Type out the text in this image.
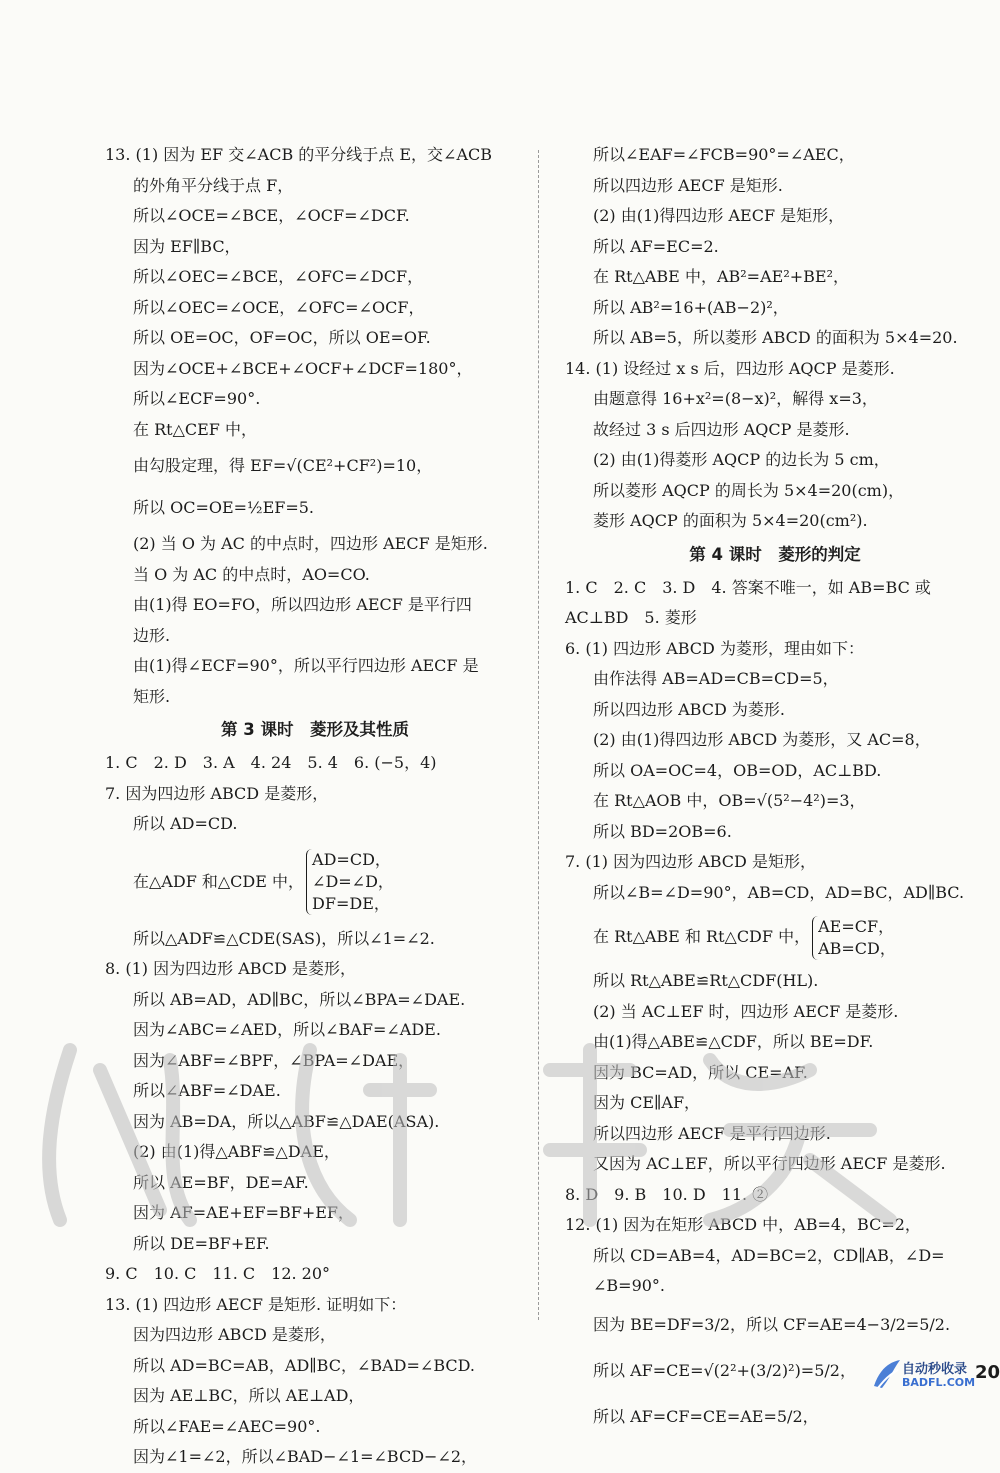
13. (1) 因为 EF 交∠ACB 的平分线于点 E，交∠ACB
的外角平分线于点 F，
所以∠OCE=∠BCE，∠OCF=∠DCF.
因为 EF∥BC，
所以∠OEC=∠BCE，∠OFC=∠DCF，
所以∠OEC=∠OCE，∠OFC=∠OCF，
所以 OE=OC，OF=OC，所以 OE=OF.
因为∠OCE+∠BCE+∠OCF+∠DCF=180°，
所以∠ECF=90°.
在 Rt△CEF 中，
由勾股定理，得 EF=√(CE²+CF²)=10，
所以 OC=OE=½EF=5.
(2) 当 O 为 AC 的中点时，四边形 AECF 是矩形.
当 O 为 AC 的中点时，AO=CO.
由(1)得 EO=FO，所以四边形 AECF 是平行四
边形.
由(1)得∠ECF=90°，所以平行四边形 AECF 是
矩形.
第 3 课时　菱形及其性质
1. C　2. D　3. A　4. 24　5. 4　6. (−5，4)
7. 因为四边形 ABCD 是菱形，
所以 AD=CD.
在△ADF 和△CDE 中，
AD=CD，
∠D=∠D，
DF=DE，
所以△ADF≌△CDE(SAS)，所以∠1=∠2.
8. (1) 因为四边形 ABCD 是菱形，
所以 AB=AD，AD∥BC，所以∠BPA=∠DAE.
因为∠ABC=∠AED，所以∠BAF=∠ADE.
因为∠ABF=∠BPF，∠BPA=∠DAE，
所以∠ABF=∠DAE.
因为 AB=DA，所以△ABF≌△DAE(ASA).
(2) 由(1)得△ABF≌△DAE，
所以 AE=BF，DE=AF.
因为 AF=AE+EF=BF+EF，
所以 DE=BF+EF.
9. C　10. C　11. C　12. 20°
13. (1) 四边形 AECF 是矩形. 证明如下：
因为四边形 ABCD 是菱形，
所以 AD=BC=AB，AD∥BC，∠BAD=∠BCD.
因为 AE⊥BC，所以 AE⊥AD，
所以∠FAE=∠AEC=90°.
因为∠1=∠2，所以∠BAD−∠1=∠BCD−∠2，
所以∠EAF=∠FCB=90°=∠AEC，
所以四边形 AECF 是矩形.
(2) 由(1)得四边形 AECF 是矩形，
所以 AF=EC=2.
在 Rt△ABE 中，AB²=AE²+BE²，
所以 AB²=16+(AB−2)²，
所以 AB=5，所以菱形 ABCD 的面积为 5×4=20.
14. (1) 设经过 x s 后，四边形 AQCP 是菱形.
由题意得 16+x²=(8−x)²，解得 x=3，
故经过 3 s 后四边形 AQCP 是菱形.
(2) 由(1)得菱形 AQCP 的边长为 5 cm，
所以菱形 AQCP 的周长为 5×4=20(cm)，
菱形 AQCP 的面积为 5×4=20(cm²).
第 4 课时　菱形的判定
1. C　2. C　3. D　4. 答案不唯一，如 AB=BC 或
AC⊥BD　5. 菱形
6. (1) 四边形 ABCD 为菱形，理由如下：
由作法得 AB=AD=CB=CD=5，
所以四边形 ABCD 为菱形.
(2) 由(1)得四边形 ABCD 为菱形，又 AC=8，
所以 OA=OC=4，OB=OD，AC⊥BD.
在 Rt△AOB 中，OB=√(5²−4²)=3，
所以 BD=2OB=6.
7. (1) 因为四边形 ABCD 是矩形，
所以∠B=∠D=90°，AB=CD，AD=BC，AD∥BC.
在 Rt△ABE 和 Rt△CDF 中，
AE=CF，
AB=CD，
所以 Rt△ABE≌Rt△CDF(HL).
(2) 当 AC⊥EF 时，四边形 AECF 是菱形.
由(1)得△ABE≌△CDF，所以 BE=DF.
因为 BC=AD，所以 CE=AF.
因为 CE∥AF，
所以四边形 AECF 是平行四边形.
又因为 AC⊥EF，所以平行四边形 AECF 是菱形.
8. D　9. B　10. D　11. ②
12. (1) 因为在矩形 ABCD 中，AB=4，BC=2，
所以 CD=AB=4，AD=BC=2，CD∥AB，∠D=
∠B=90°.
因为 BE=DF=3/2，所以 CF=AE=4−3/2=5/2.
所以 AF=CE=√(2²+(3/2)²)=5/2，
所以 AF=CF=CE=AE=5/2，
自动秒收录
BADFL.COM 20
